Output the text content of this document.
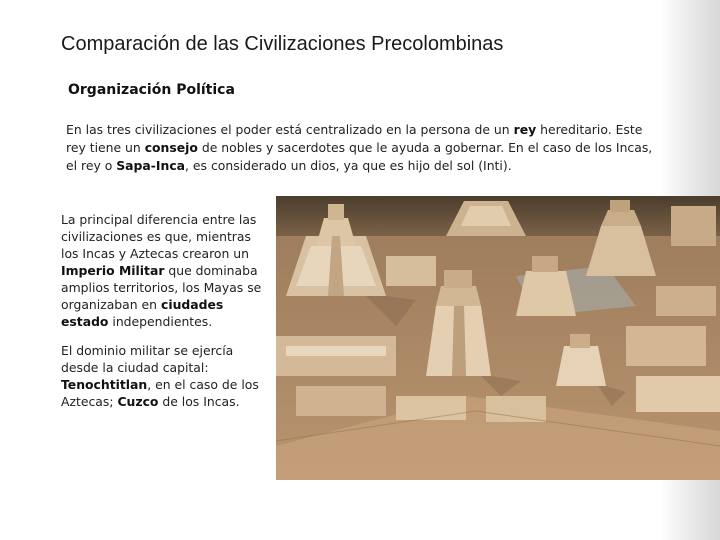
Comparación de las Civilizaciones Precolombinas
Organización Política
En las tres civilizaciones el poder está centralizado en la persona de un rey hereditario. Este rey tiene un consejo de nobles y sacerdotes que le ayuda a gobernar. En el caso de los Incas, el rey o Sapa-Inca, es considerado un dios, ya que es hijo del sol (Inti).

La principal diferencia entre las civilizaciones es que, mientras los Incas y Aztecas crearon un Imperio Militar que dominaba amplios territorios, los Mayas se organizaban en ciudades estado independientes.

El dominio militar se ejercía desde la ciudad capital: Tenochtitlan, en el caso de los Aztecas; Cuzco de los Incas.
